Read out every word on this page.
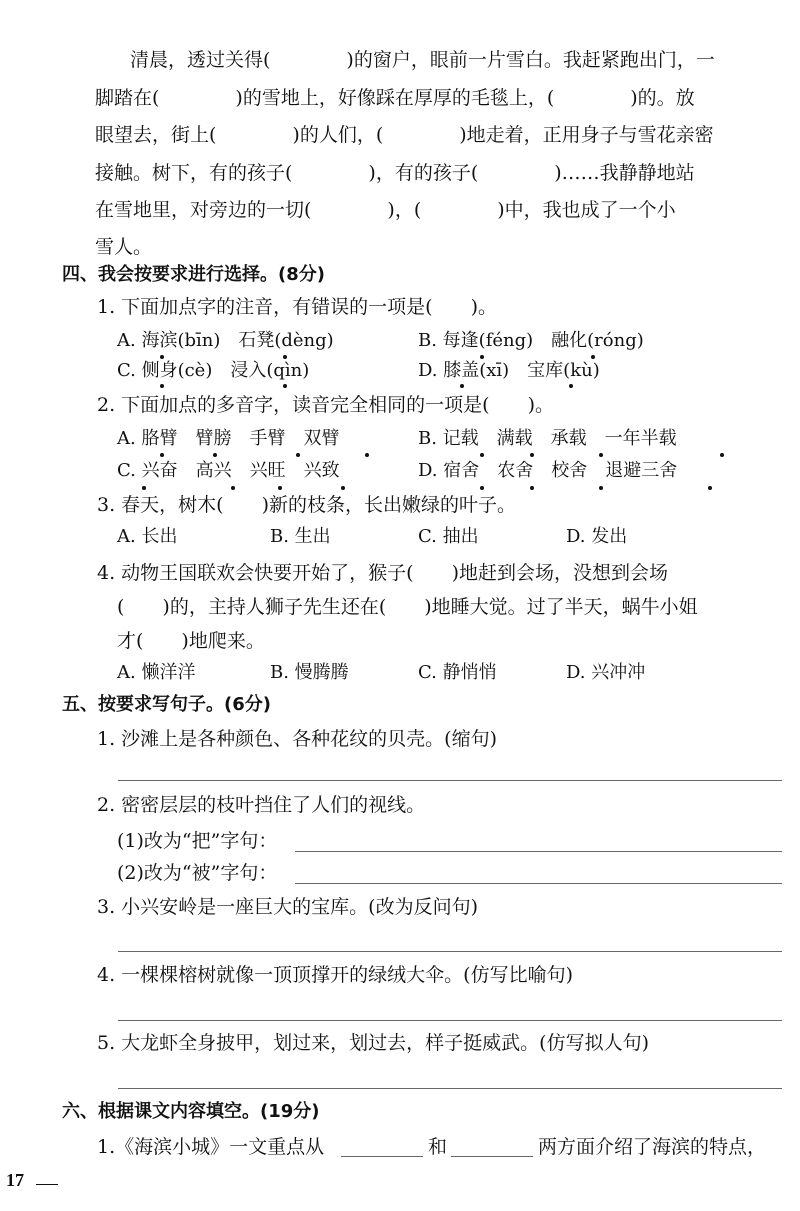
清晨，透过关得(　　　　)的窗户，眼前一片雪白。我赶紧跑出门，一
脚踏在(　　　　)的雪地上，好像踩在厚厚的毛毯上，(　　　　)的。放
眼望去，街上(　　　　)的人们，(　　　　)地走着，正用身子与雪花亲密
接触。树下，有的孩子(　　　　)，有的孩子(　　　　)……我静静地站
在雪地里，对旁边的一切(　　　　)，(　　　　)中，我也成了一个小
雪人。
四、我会按要求进行选择。(8分)
1. 下面加点字的注音，有错误的一项是(　　)。
A. 海滨(bīn)　石凳(dèng)	B. 每逢(féng)　融化(róng)
C. 侧身(cè)　浸入(qìn)	D. 膝盖(xī)　宝库(kù)
2. 下面加点的多音字，读音完全相同的一项是(　　)。
A. 胳臂　臂膀　手臂　双臂	B. 记载　满载　承载　一年半载
C. 兴奋　高兴　兴旺　兴致	D. 宿舍　农舍　校舍　退避三舍
3. 春天，树木(　　)新的枝条，长出嫩绿的叶子。
A. 长出	B. 生出	C. 抽出	D. 发出
4. 动物王国联欢会快要开始了，猴子(　　)地赶到会场，没想到会场
(　　)的，主持人狮子先生还在(　　)地睡大觉。过了半天，蜗牛小姐
才(　　)地爬来。
A. 懒洋洋	B. 慢腾腾	C. 静悄悄	D. 兴冲冲
五、按要求写句子。(6分)
1. 沙滩上是各种颜色、各种花纹的贝壳。(缩句)
2. 密密层层的枝叶挡住了人们的视线。
(1)改为“把”字句：
(2)改为“被”字句：
3. 小兴安岭是一座巨大的宝库。(改为反问句)
4. 一棵棵榕树就像一顶顶撑开的绿绒大伞。(仿写比喻句)
5. 大龙虾全身披甲，划过来，划过去，样子挺威武。(仿写拟人句)
六、根据课文内容填空。(19分)
1.《海滨小城》一文重点从	和	两方面介绍了海滨的特点，
17
